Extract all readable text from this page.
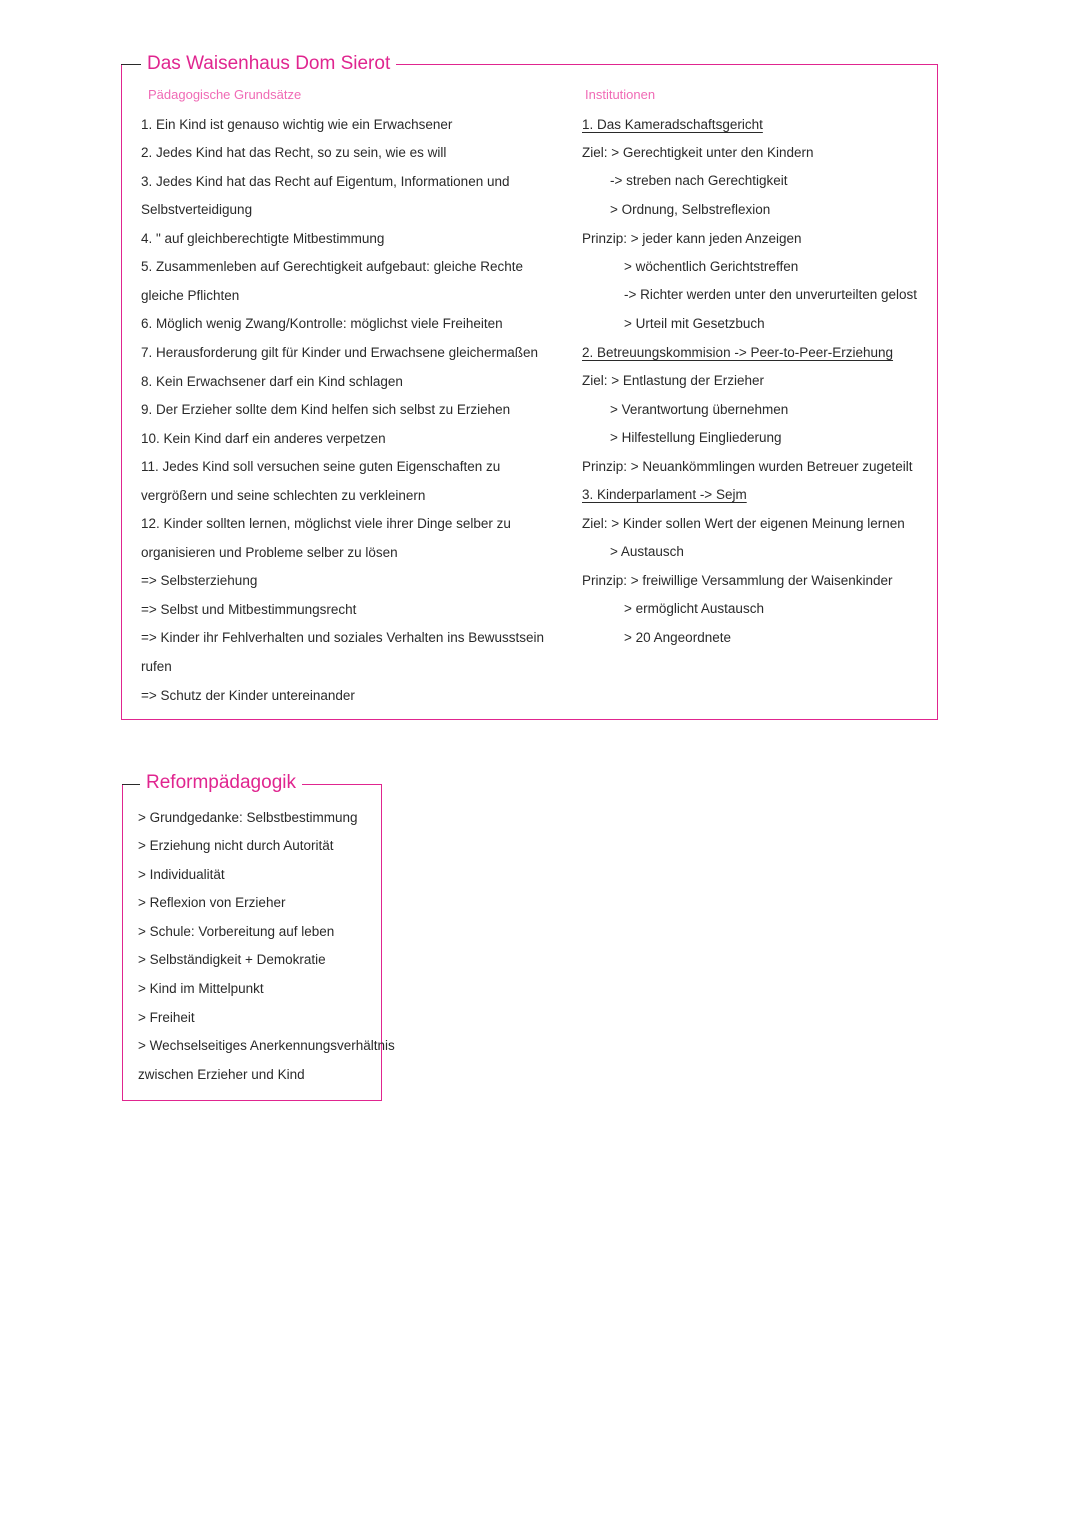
Das Waisenhaus Dom Sierot
Pädagogische Grundsätze
1. Ein Kind ist genauso wichtig wie ein Erwachsener
2. Jedes Kind hat das Recht, so zu sein, wie es will
3. Jedes Kind hat das Recht auf Eigentum, Informationen und
Selbstverteidigung
4. " auf gleichberechtigte Mitbestimmung
5. Zusammenleben auf Gerechtigkeit aufgebaut: gleiche Rechte
gleiche Pflichten
6. Möglich wenig Zwang/Kontrolle: möglichst viele Freiheiten
7. Herausforderung gilt für Kinder und Erwachsene gleichermaßen
8. Kein Erwachsener darf ein Kind schlagen
9. Der Erzieher sollte dem Kind helfen sich selbst zu Erziehen
10. Kein Kind darf ein anderes verpetzen
11. Jedes Kind soll versuchen seine guten Eigenschaften zu
vergrößern und seine schlechten zu verkleinern
12. Kinder sollten lernen, möglichst viele ihrer Dinge selber zu
organisieren und Probleme selber zu lösen
=> Selbsterziehung
=> Selbst und Mitbestimmungsrecht
=> Kinder ihr Fehlverhalten und soziales Verhalten ins Bewusstsein
rufen
=> Schutz der Kinder untereinander
Institutionen
1. Das Kameradschaftsgericht
Ziel: > Gerechtigkeit unter den Kindern
-> streben nach Gerechtigkeit
> Ordnung, Selbstreflexion
Prinzip: > jeder kann jeden Anzeigen
> wöchentlich Gerichtstreffen
-> Richter werden unter den unverurteilten gelost
> Urteil mit Gesetzbuch
2. Betreuungskommision -> Peer-to-Peer-Erziehung
Ziel: > Entlastung der Erzieher
> Verantwortung übernehmen
> Hilfestellung Eingliederung
Prinzip: > Neuankömmlingen wurden Betreuer zugeteilt
3. Kinderparlament -> Sejm
Ziel: > Kinder sollen Wert der eigenen Meinung lernen
> Austausch
Prinzip: > freiwillige Versammlung der Waisenkinder
> ermöglicht Austausch
> 20 Angeordnete
Reformpädagogik
> Grundgedanke: Selbstbestimmung
> Erziehung nicht durch Autorität
> Individualität
> Reflexion von Erzieher
> Schule: Vorbereitung auf leben
> Selbständigkeit + Demokratie
> Kind im Mittelpunkt
> Freiheit
> Wechselseitiges Anerkennungsverhältnis
zwischen Erzieher und Kind
